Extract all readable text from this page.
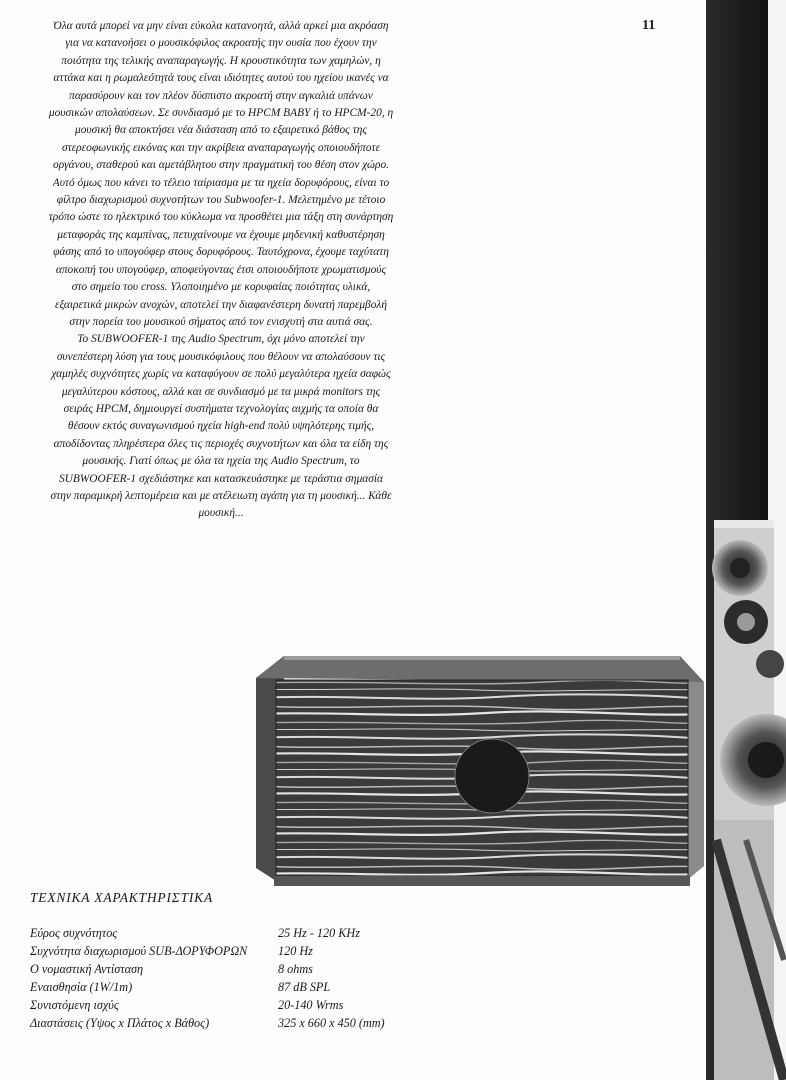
11

Όλα αυτά μπορεί να μην είναι εύκολα κατανοητά, αλλά αρκεί μια ακρόαση για να κατανοήσει ο μουσικόφιλος ακροατής την ουσία που έχουν την ποιότητα της τελικής αναπαραγωγής. Η κρουστικότητα των χαμηλών, η αττάκα και η ρωμαλεότητά τους είναι ιδιότητες αυτού του ηχείου ικανές να παρασύρουν και τον πλέον δύσπιστο ακροατή στην αγκαλιά υπάνων μουσικών απολαύσεων. Σε συνδιασμό με το HPCM BABY ή το HPCM-20, η μουσική θα αποκτήσει νέα διάσταση από το εξαιρετικό βάθος της στερεοφωνικής εικόνας και την ακρίβεια αναπαραγωγής οποιουδήποτε οργάνου, σταθερού και αμετάβλητου στην πραγματική του θέση στον χώρο.

Αυτό όμως που κάνει το τέλειο ταίριασμα με τα ηχεία δορυφόρους, είναι το φίλτρο διαχωρισμού συχνοτήτων του Subwoofer-1. Μελετημένο με τέτοιο τρόπο ώστε το ηλεκτρικό του κύκλωμα να προσθέτει μια τάξη στη συνάρτηση μεταφοράς της καμπίνας, πετυχαίνουμε να έχουμε μηδενική καθυστέρηση φάσης από το υπογούφερ στους δορυφόρους. Ταυτόχρονα, έχουμε ταχύτατη αποκοπή του υπογούφερ, αποφεύγοντας έτσι οποιουδήποτε χρωματισμούς στο σημείο του cross. Υλοποιημένο με κορυφαίας ποιότητας υλικά, εξαιρετικά μικρών ανοχών, αποτελεί την διαφανέστερη δυνατή παρεμβολή στην πορεία του μουσικού σήματος από τον ενισχυτή στα αυτιά σας.

Το SUBWOOFER-1 της Audio Spectrum, όχι μόνο αποτελεί την συνεπέστερη λύση για τους μουσικόφιλους που θέλουν να απολαύσουν τις χαμηλές συχνότητες χωρίς να καταφύγουν σε πολύ μεγαλύτερα ηχεία σαφώς μεγαλύτερου κόστους, αλλά και σε συνδιασμό με τα μικρά monitors της σειράς HPCM, δημιουργεί συστήματα τεχνολογίας αιχμής τα οποία θα θέσουν εκτός συναγωνισμού ηχεία high-end πολύ υψηλότερης τιμής, αποδίδοντας πληρέστερα όλες τις περιοχές συχνοτήτων και όλα τα είδη της μουσικής. Γιατί όπως με όλα τα ηχεία της Audio Spectrum, το SUBWOOFER-1 σχεδιάστηκε και κατασκευάστηκε με τεράστια σημασία στην παραμικρή λεπτομέρεια και με ατέλειωτη αγάπη για τη μουσική... Κάθε μουσική...

ΤΕΧΝΙΚΑ ΧΑΡΑΚΤΗΡΙΣΤΙΚΑ
Εύρος συχνότητος	25 Hz - 120 KHz
Συχνότητα διαχωρισμού SUB-ΔΟΡΥΦΟΡΩΝ	120 Hz
Ο νομαστική Αντίσταση	8 ohms
Εναισθησία (1W/1m)	87 dB SPL
Συνιστόμενη ισχύς	20-140 Wrms
Διαστάσεις (Υψος x Πλάτος x Βάθος)	325 x 660 x 450 (mm)
